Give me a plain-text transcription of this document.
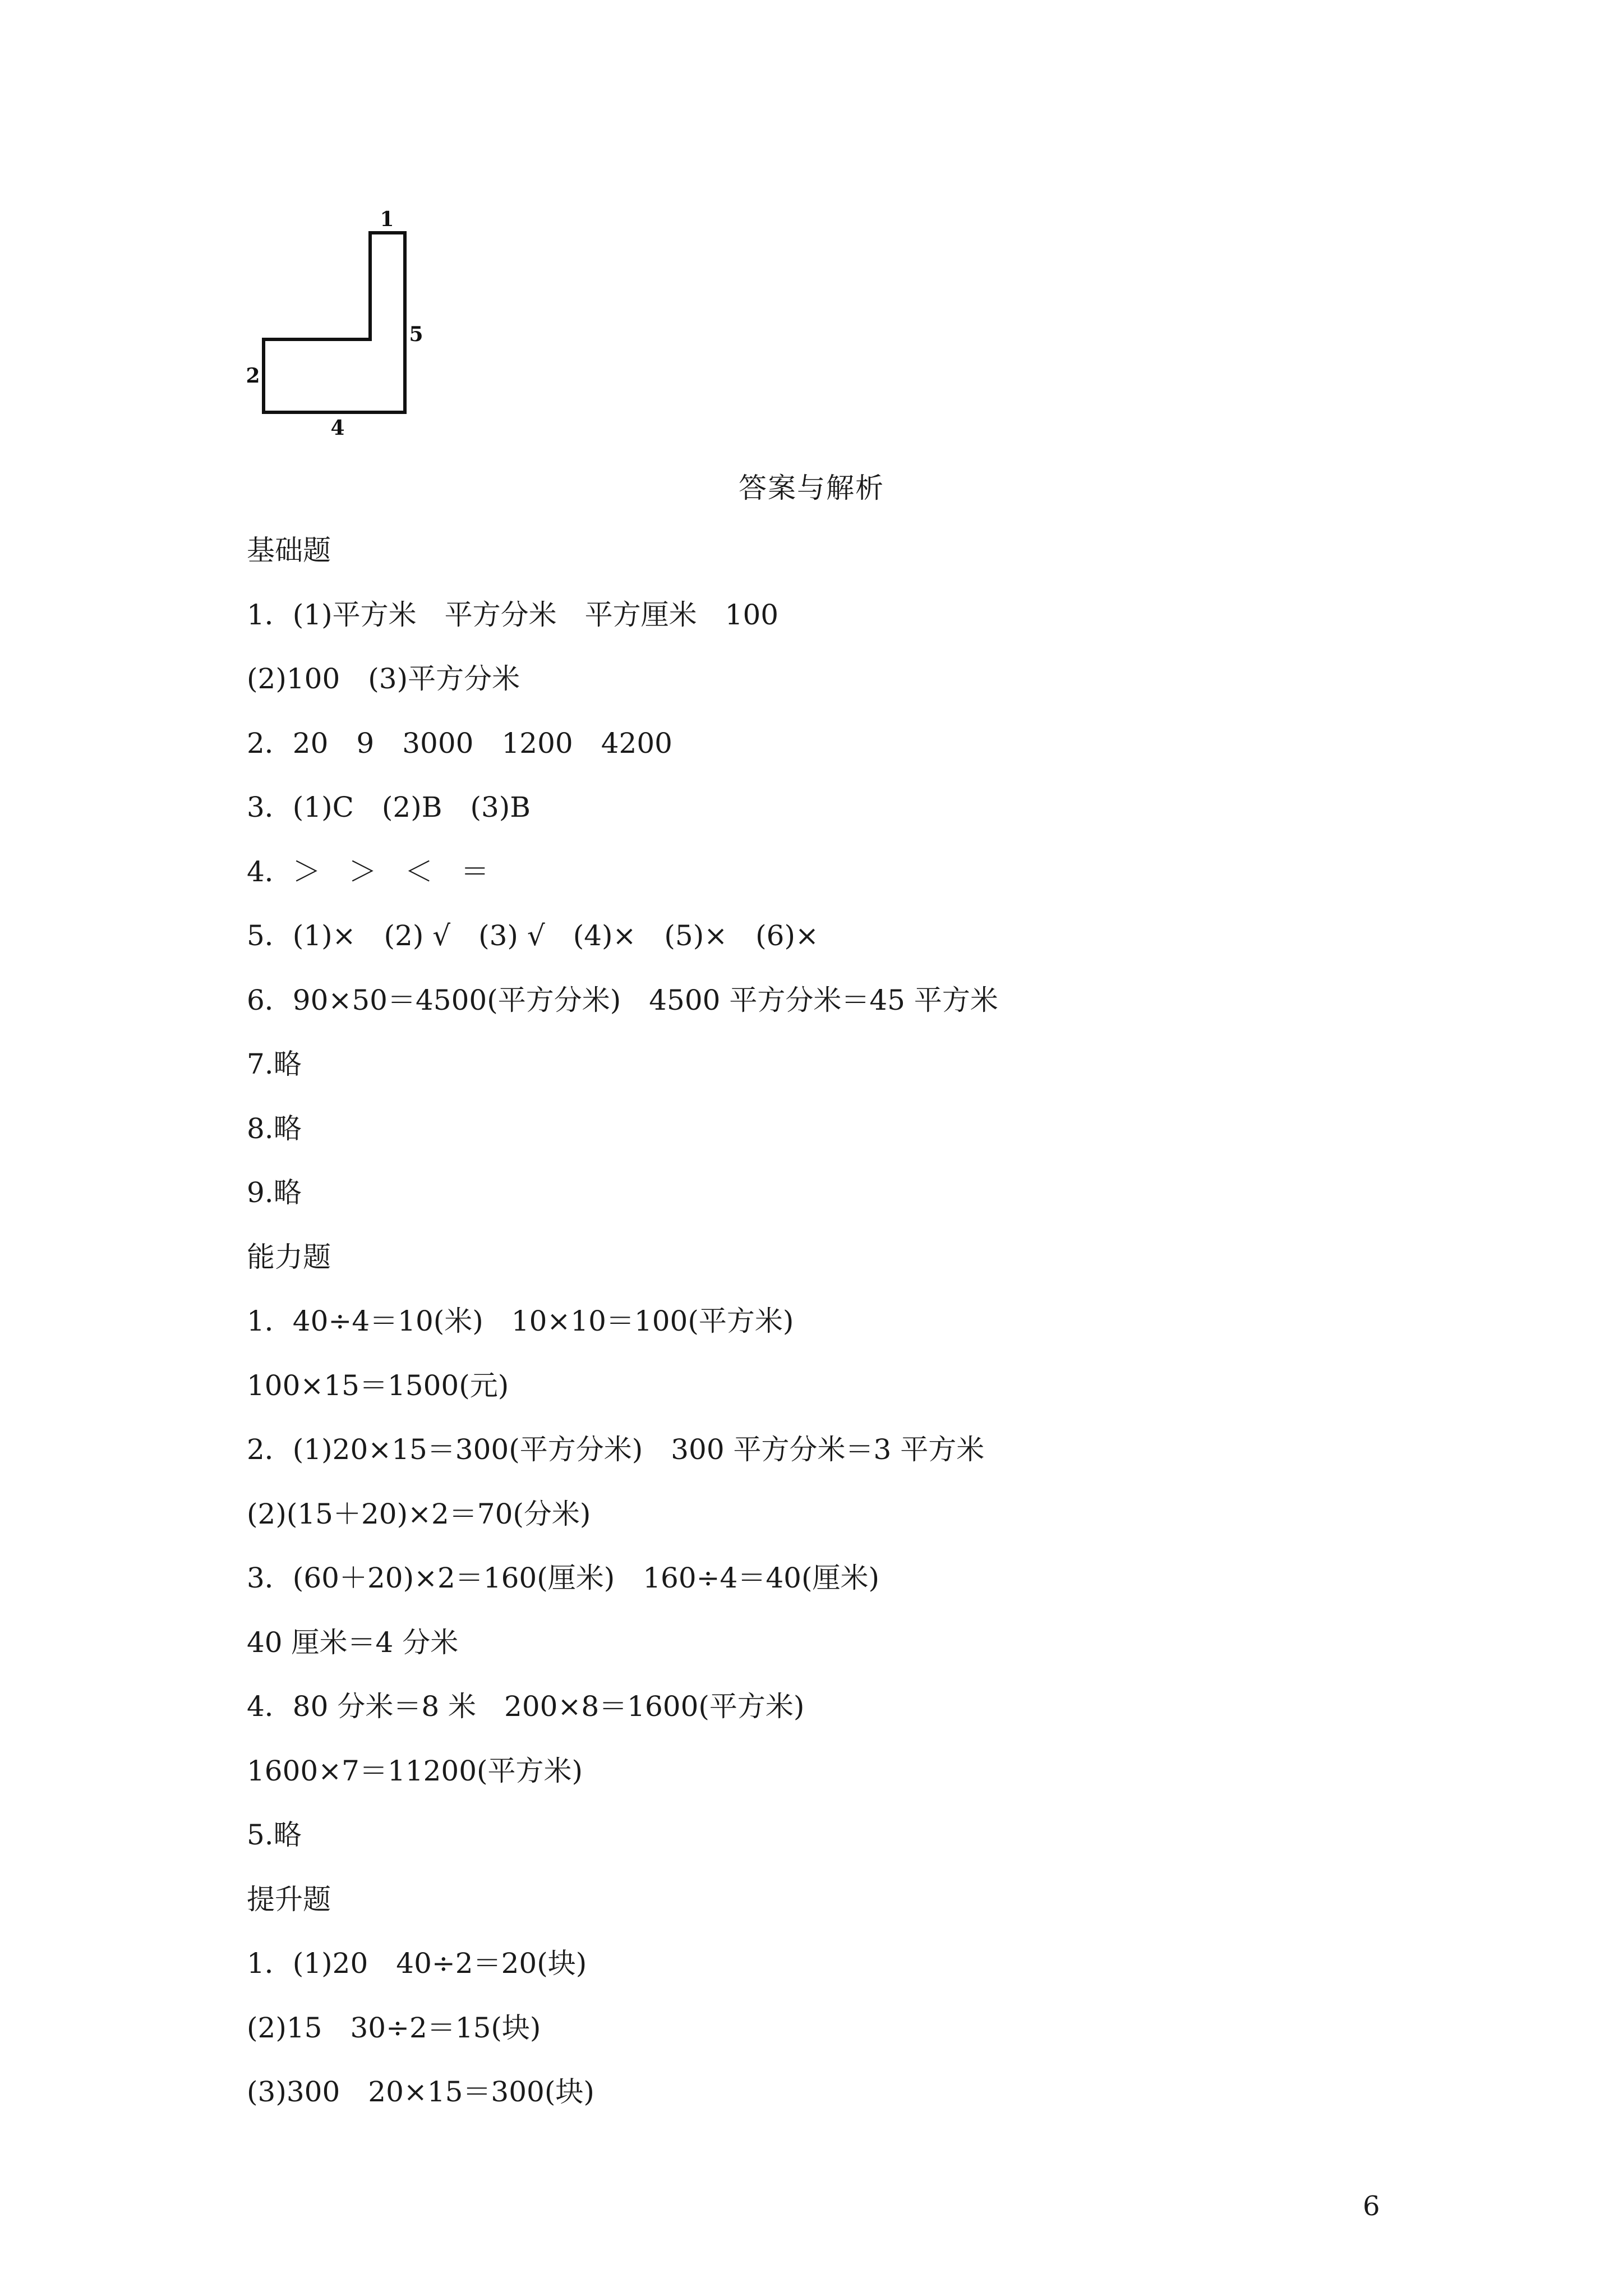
1
5
2
4
答案与解析
基础题
1．(1)平方米　平方分米　平方厘米　100
(2)100　(3)平方分米
2．20　9　3000　1200　4200
3．(1)C　(2)B　(3)B
4．＞　＞　＜　＝
5．(1)×　(2) √　(3) √　(4)×　(5)×　(6)×
6．90×50＝4500(平方分米)　4500 平方分米＝45 平方米
7.略
8.略
9.略
能力题
1．40÷4＝10(米)　10×10＝100(平方米)
100×15＝1500(元)
2．(1)20×15＝300(平方分米)　300 平方分米＝3 平方米
(2)(15＋20)×2＝70(分米)
3．(60＋20)×2＝160(厘米)　160÷4＝40(厘米)
40 厘米＝4 分米
4．80 分米＝8 米　200×8＝1600(平方米)
1600×7＝11200(平方米)
5.略
提升题
1．(1)20　40÷2＝20(块)
(2)15　30÷2＝15(块)
(3)300　20×15＝300(块)
6
